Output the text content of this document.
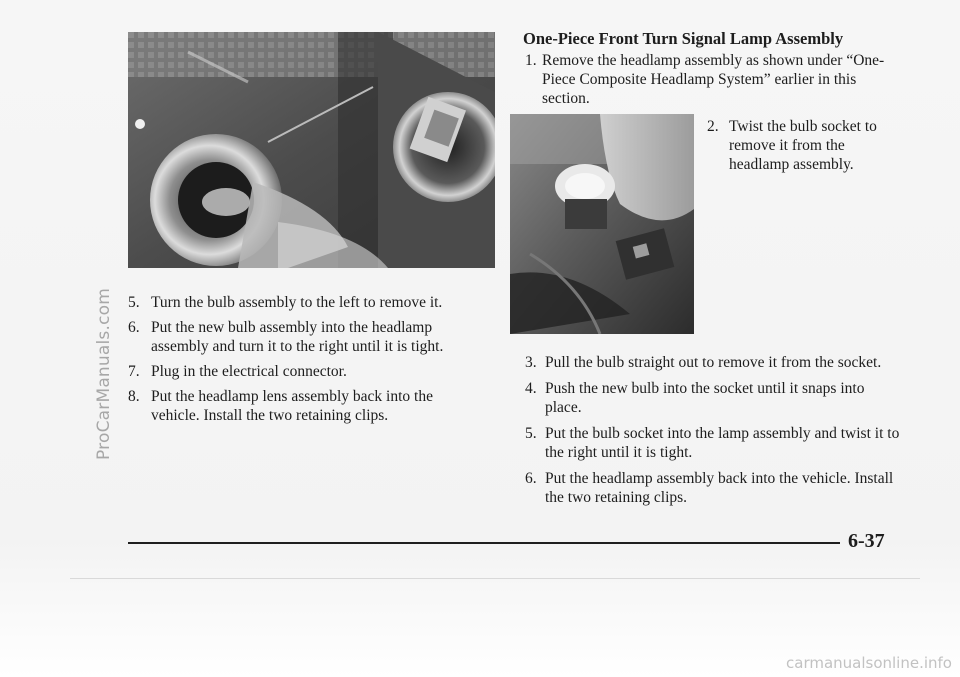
ProCarManuals.com 5. Turn the bulb assembly to the left to remove it.
6. Put the new bulb assembly into the headlamp assembly and turn it to the right until it is tight.
7. Plug in the electrical connector.
8. Put the headlamp lens assembly back into the vehicle. Install the two retaining clips.
One-Piece Front Turn Signal Lamp Assembly
1. Remove the headlamp assembly as shown under “One-Piece Composite Headlamp System” earlier in this section.
2. Twist the bulb socket to remove it from the headlamp assembly.
3. Pull the bulb straight out to remove it from the socket.
4. Push the new bulb into the socket until it snaps into place.
5. Put the bulb socket into the lamp assembly and twist it to the right until it is tight.
6. Put the headlamp assembly back into the vehicle. Install the two retaining clips.
6-37
carmanualsonline.info
